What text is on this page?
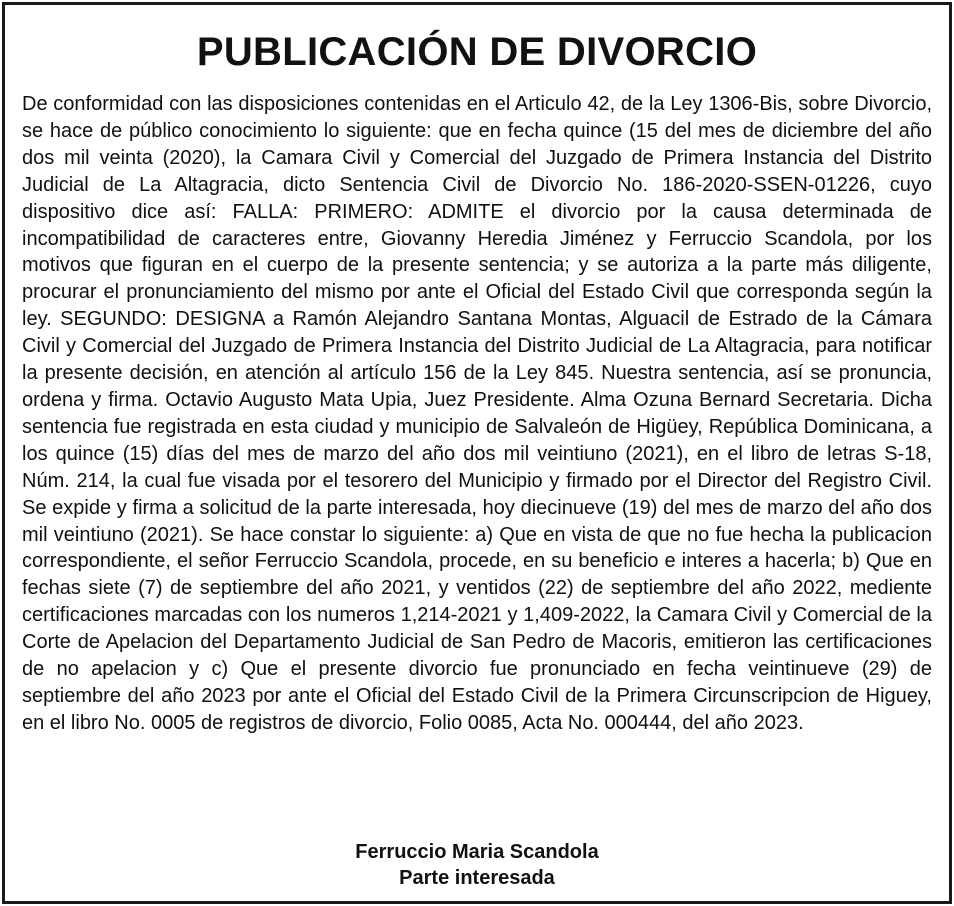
PUBLICACIÓN DE DIVORCIO

De conformidad con las disposiciones contenidas en el Articulo 42, de la Ley 1306-Bis, sobre Divorcio, se hace de público conocimiento lo siguiente: que en fecha quince (15 del mes de diciembre del año dos mil veinta (2020), la Camara Civil y Comercial del Juzgado de Primera Instancia del Distrito Judicial de La Altagracia, dicto Sentencia Civil de Divorcio No. 186-2020-SSEN-01226, cuyo dispositivo dice así: FALLA: PRIMERO: ADMITE el divorcio por la causa determinada de incompatibilidad de caracteres entre, Giovanny Heredia Jiménez y Ferruccio Scandola, por los motivos que figuran en el cuerpo de la presente sentencia; y se autoriza a la parte más diligente, procurar el pronunciamiento del mismo por ante el Oficial del Estado Civil que corresponda según la ley. SEGUNDO: DESIGNA a Ramón Alejandro Santana Montas, Alguacil de Estrado de la Cámara Civil y Comercial del Juzgado de Primera Instancia del Distrito Judicial de La Altagracia, para notificar la presente decisión, en atención al artículo 156 de la Ley 845. Nuestra sentencia, así se pronuncia, ordena y firma. Octavio Augusto Mata Upia, Juez Presidente. Alma Ozuna Bernard Secretaria. Dicha sentencia fue registrada en esta ciudad y municipio de Salvaleón de Higüey, República Dominicana, a los quince (15) días del mes de marzo del año dos mil veintiuno (2021), en el libro de letras S-18, Núm. 214, la cual fue visada por el tesorero del Municipio y firmado por el Director del Registro Civil. Se expide y firma a solicitud de la parte interesada, hoy diecinueve (19) del mes de marzo del año dos mil veintiuno (2021). Se hace constar lo siguiente: a) Que en vista de que no fue hecha la publicacion correspondiente, el señor Ferruccio Scandola, procede, en su beneficio e interes a hacerla; b) Que en fechas siete (7) de septiembre del año 2021, y ventidos (22) de septiembre del año 2022, mediente certificaciones marcadas con los numeros 1,214-2021 y 1,409-2022, la Camara Civil y Comercial de la Corte de Apelacion del Departamento Judicial de San Pedro de Macoris, emitieron las certificaciones de no apelacion y c) Que el presente divorcio fue pronunciado en fecha veintinueve (29) de septiembre del año 2023 por ante el Oficial del Estado Civil de la Primera Circunscripcion de Higuey, en el libro No. 0005 de registros de divorcio, Folio 0085, Acta No. 000444, del año 2023.

Ferruccio Maria Scandola
Parte interesada
